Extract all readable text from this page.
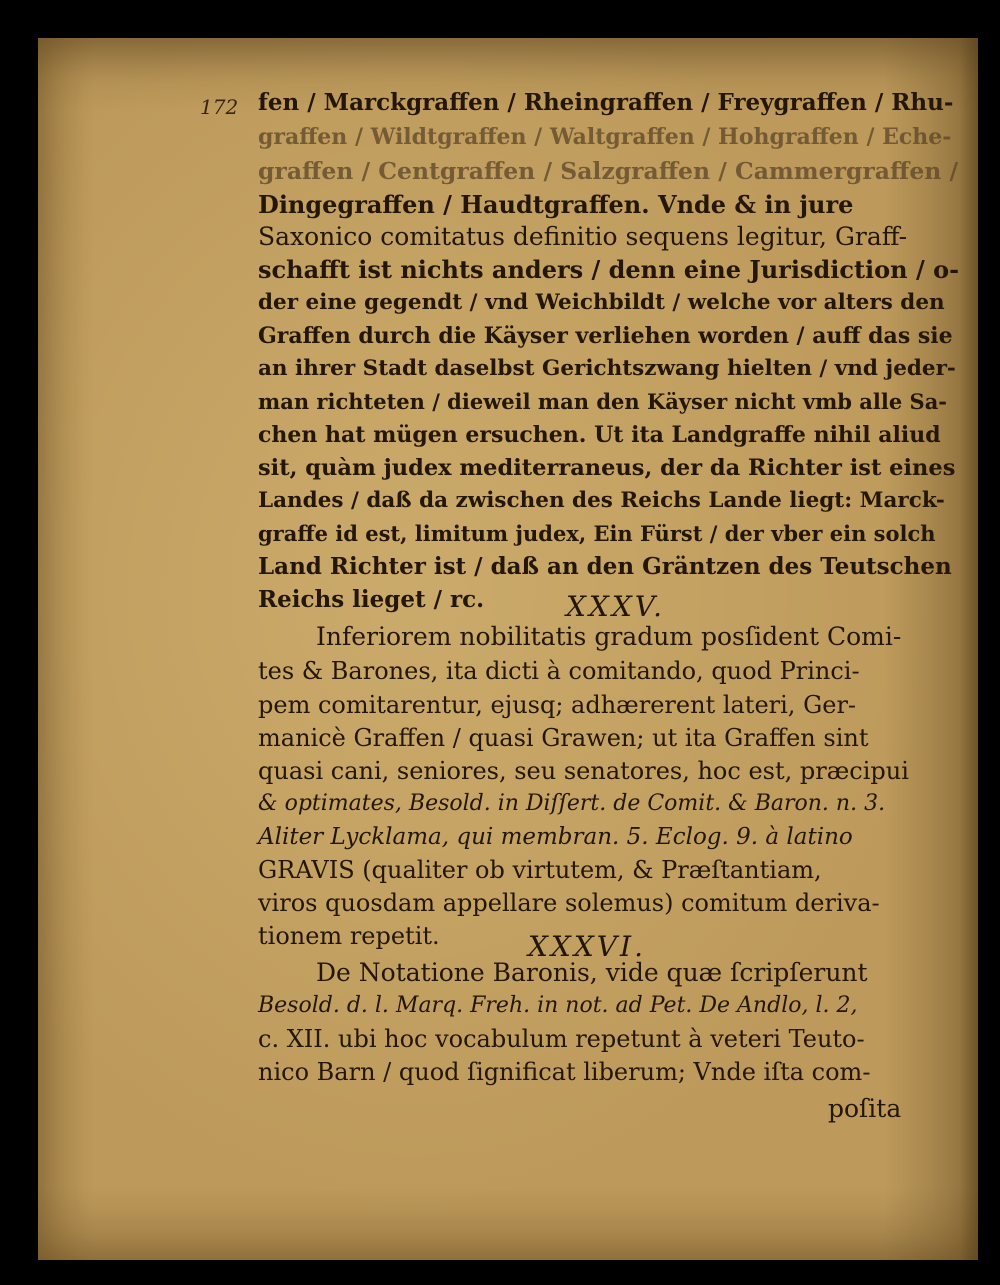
172 fen / Marckgraffen / Rheingraffen / Freygraffen / Rhu-
graffen / Wildtgraffen / Waltgraffen / Hohgraffen / Eche-
graffen / Centgraffen / Salzgraffen / Cammergraffen /
Dingegraffen / Haudtgraffen. Vnde & in jure
Saxonico comitatus definitio sequens legitur, Graff-
schafft ist nichts anders / denn eine Jurisdiction / o-
der eine gegendt / vnd Weichbildt / welche vor alters den
Graffen durch die Käyser verliehen worden / auff das sie
an ihrer Stadt daselbst Gerichtszwang hielten / vnd jeder-
man richteten / dieweil man den Käyser nicht vmb alle Sa-
chen hat mügen ersuchen. Ut ita Landgraffe nihil aliud
sit, quàm judex mediterraneus, der da Richter ist eines
Landes / daß da zwischen des Reichs Lande liegt: Marck-
graffe id est, limitum judex, Ein Fürst / der vber ein solch
Land Richter ist / daß an den Gräntzen des Teutschen
Reichs lieget / rc.	XXXV.
Inferiorem nobilitatis gradum posſident Comi-
tes & Barones, ita dicti à comitando, quod Princi-
pem comitarentur, ejusq; adhærerent lateri, Ger-
manicè Graffen / quasi Grawen; ut ita Graffen sint
quasi cani, seniores, seu senatores, hoc est, præcipui
& optimates, Besold. in Diſſert. de Comit. & Baron. n. 3.
Aliter Lycklama, qui membran. 5. Eclog. 9. à latino
GRAVIS (qualiter ob virtutem, & Præſtantiam,
viros quosdam appellare solemus) comitum deriva-
tionem repetit.	XXXVI.
De Notatione Baronis, vide quæ ſcripſerunt
Besold. d. l. Marq. Freh. in not. ad Pet. De Andlo, l. 2,
c. XII. ubi hoc vocabulum repetunt à veteri Teuto-
nico Barn / quod ſignificat liberum; Vnde iſta com-
poſita
